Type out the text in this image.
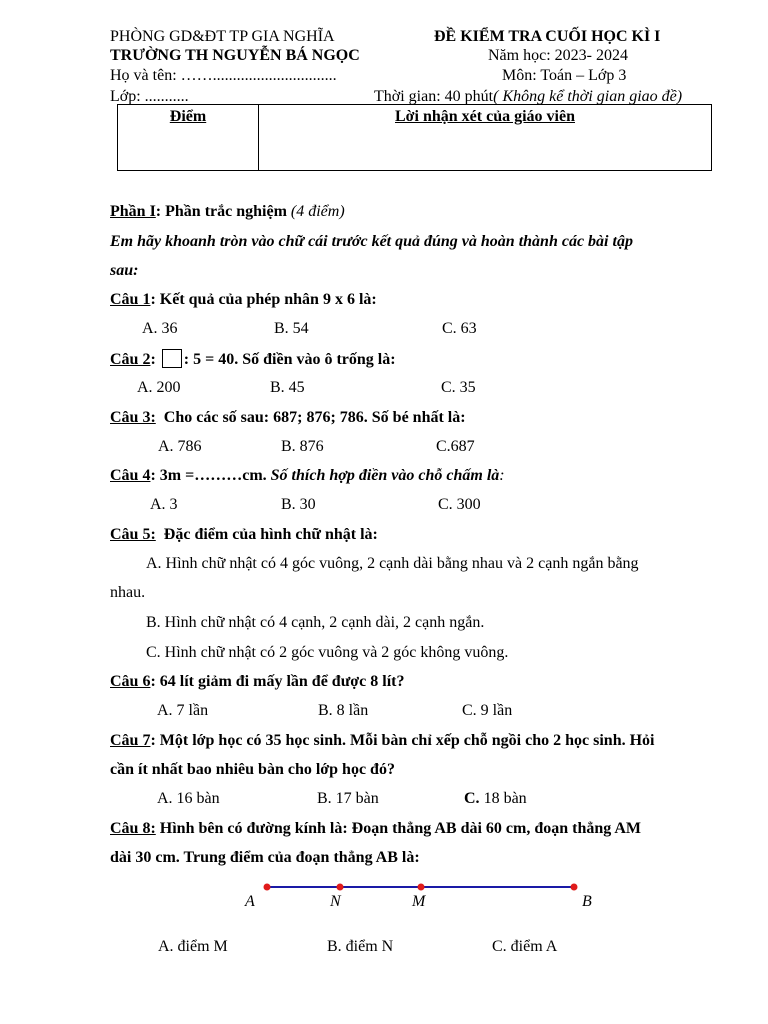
PHÒNG GD&ĐT TP GIA NGHĨA	ĐỀ KIỂM TRA CUỐI HỌC KÌ I
TRƯỜNG TH NGUYỄN BÁ NGỌC	Năm học: 2023- 2024
Họ và tên: ……...............................	Môn: Toán – Lớp 3
Lớp: ...........	Thời gian: 40 phút( Không kể thời gian giao đề)
Điểm	Lời nhận xét của giáo viên
Phần I: Phần trắc nghiệm (4 điểm)
Em hãy khoanh tròn vào chữ cái trước kết quả đúng và hoàn thành các bài tập
sau:
Câu 1: Kết quả của phép nhân 9 x 6 là:
A. 36	B. 54	C. 63
Câu 2: : 5 = 40. Số điền vào ô trống là:
A. 200	B. 45	C. 35
Câu 3: Cho các số sau: 687; 876; 786. Số bé nhất là:
A. 786	B. 876	C.687
Câu 4: 3m =………cm. Số thích hợp điền vào chỗ chấm là:
A. 3	B. 30	C. 300
Câu 5: Đặc điểm của hình chữ nhật là:
A. Hình chữ nhật có 4 góc vuông, 2 cạnh dài bằng nhau và 2 cạnh ngắn bằng
nhau.
B. Hình chữ nhật có 4 cạnh, 2 cạnh dài, 2 cạnh ngắn.
C. Hình chữ nhật có 2 góc vuông và 2 góc không vuông.
Câu 6: 64 lít giảm đi mấy lần để được 8 lít?
A. 7 lần	B. 8 lần	C. 9 lần
Câu 7: Một lớp học có 35 học sinh. Mỗi bàn chỉ xếp chỗ ngồi cho 2 học sinh. Hỏi
cần ít nhất bao nhiêu bàn cho lớp học đó?
A. 16 bàn	B. 17 bàn	C. 18 bàn
Câu 8: Hình bên có đường kính là: Đoạn thẳng AB dài 60 cm, đoạn thẳng AM
dài 30 cm. Trung điểm của đoạn thẳng AB là:
A	N	M	B
A. điểm M	B. điểm N	C. điểm A
